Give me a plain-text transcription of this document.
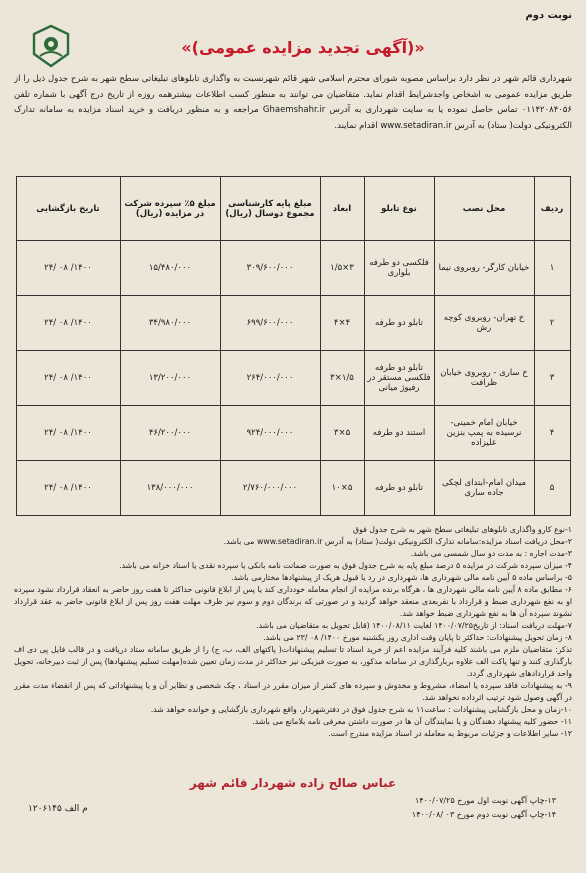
نوبت دوم
«(آگهی تجدید مزایده عمومی)»
شهرداری قائم شهر در نظر دارد براساس مصوبه شورای محترم اسلامی شهر قائم شهرنسبت به واگذاری تابلوهای تبلیغاتی سطح شهر به شرح جدول ذیل را از طریق مزایده عمومی به اشخاص واجدشرایط اقدام نماید. متقاضیان می توانند به منظور کسب اطلاعات بیشترهمه روزه از تاریخ درج آگهی با شماره تلفن ۰۱۱۴۲۰۸۴۰۵۶ تماس حاصل نموده یا به سایت شهرداری به آدرس Ghaemshahr.ir مراجعه و به منظور دریافت و خرید اسناد مزایده به سامانه تدارک الکترونیکی دولت( ستاد) به آدرس www.setadiran.ir اقدام نمایند.
ردیف	محل نصب	نوع تابلو	ابعاد	مبلغ پایه کارشناسی مجموع دوسال (ریال)	مبلغ ۵٪ سپرده شرکت در مزایده (ریال)	تاریخ بازگشایی
۱	خیابان کارگر- روبروی نیما	فلکسی دو طرفه بلواری	۳×۱/۵	۳۰۹/۶۰۰/۰۰۰	۱۵/۴۸۰/۰۰۰	۱۴۰۰/ ۰۸ /۲۴
۲	خ تهران- روبروی کوچه رش	تابلو دو طرفه	۴×۴	۶۹۹/۶۰۰/۰۰۰	۳۴/۹۸۰/۰۰۰	۱۴۰۰/ ۰۸ /۲۴
۳	خ ساری - روبروی خیابان ظرافت	تابلو دو طرفه فلکسی مستقر در رفیوژ میانی	۱/۵×۳	۲۶۴/۰۰۰/۰۰۰	۱۳/۲۰۰/۰۰۰	۱۴۰۰/ ۰۸ /۲۴
۴	خیابان امام خمینی- نرسیده به پمپ بنزین علیزاده	استند دو طرفه	۵×۳	۹۲۴/۰۰۰/۰۰۰	۴۶/۲۰۰/۰۰۰	۱۴۰۰/ ۰۸ /۲۴
۵	میدان امام-ابتدای لچکی جاده ساری	تابلو دو طرفه	۵×۱۰	۲/۷۶۰/۰۰۰/۰۰۰	۱۳۸/۰۰۰/۰۰۰	۱۴۰۰/ ۰۸ /۲۴
۱-نوع کارو واگذاری تابلوهای تبلیغاتی سطح شهر به شرح جدول فوق
۲-محل دریافت اسناد مزایده:سامانه تدارک الکترونیکی دولت( ستاد) به آدرس www.setadiran.ir می باشد.
۳-مدت اجاره : به مدت دو سال شمسی می باشد.
۴- میزان سپرده شرکت در مزایده ۵ درصد مبلغ پایه به شرح جدول فوق به صورت ضمانت نامه بانکی یا سپرده نقدی یا اسناد خزانه می باشد.
۵- براساس ماده ۵ آیین نامه مالی شهرداری ها، شهرداری در رد یا قبول هریک از پیشنهادها مختارمی باشد.
۶- مطابق ماده ۸ آیین نامه مالی شهرداری ها ، هرگاه برنده مزایده از انجام معامله خودداری کند یا پس از ابلاغ قانونی حداکثر تا هفت روز حاضر به انعقاد قرارداد نشود سپرده او به نفع شهرداری ضبط و قرارداد با نفربعدی منعقد خواهد گردید و در صورتی که برندگان دوم و سوم نیز ظرف مهلت هفت روز پس از ابلاغ قانونی حاضر به عقد قرارداد نشوند سپرده آن ها به نفع شهرداری ضبط خواهد شد.
۷-مهلت دریافت اسناد: از تاریخ۱۴۰۰/۰۷/۲۵ لغایت ۱۴۰۰/۰۸/۱۱ (قابل تحویل به متقاضیان می باشد.
۸- زمان تحویل پیشنهادات: حداکثر تا پایان وقت اداری روز یکشنبه مورخ ۱۴۰۰/ ۰۸ /۲۳ می باشد.
تذکر: متقاضیان ملزم می باشند کلیه فرآیند مزایده اعم از خرید اسناد تا تسلیم پیشنهادات( پاکتهای الف، ب، ج) را از طریق سامانه ستاد دریافت و در قالب فایل پی دی اف بارگذاری کنند و تنها پاکت الف علاوه بربارگذاری در سامانه مذکور، به صورت فیزیکی نیز حداکثر در مدت زمان تعیین شده(مهلت تسلیم پیشنهادها) پس از ثبت دبیرخانه، تحویل واحد قراردادهای شهرداری گردد.
۹- به پیشنهادات فاقد سپرده یا امضاء، مشروط و مخدوش و سپرده های کمتر از میزان مقرر در اسناد ، چک شخصی و نظایر آن و یا پیشنهاداتی که پس از انقضاء مدت مقرر در آگهی وصول شود ترتیب اثرداده نخواهد شد.
۱۰-زمان و محل بازگشایی پیشنهادات : ساعت۱۱ به شرح جدول فوق در دفترشهردار، واقع شهرداری بازگشایی و خوانده خواهد شد.
۱۱- حضور کلیه پیشنهاد دهندگان و یا نمایندگان آن ها در صورت داشتن معرفی نامه بلامانع می باشد.
۱۲- سایر اطلاعات و جزئیات مربوط به معامله در اسناد مزایده مندرج است.
عباس صالح زاده شهردار قائم شهر
۱۳-چاپ آگهی نوبت اول مورخ ۱۴۰۰/۰۷/۲۵
۱۴-چاپ آگهی نوبت دوم مورخ ۰۳ /۱۴۰۰/۰۸
م الف ۱۲۰۶۱۴۵
